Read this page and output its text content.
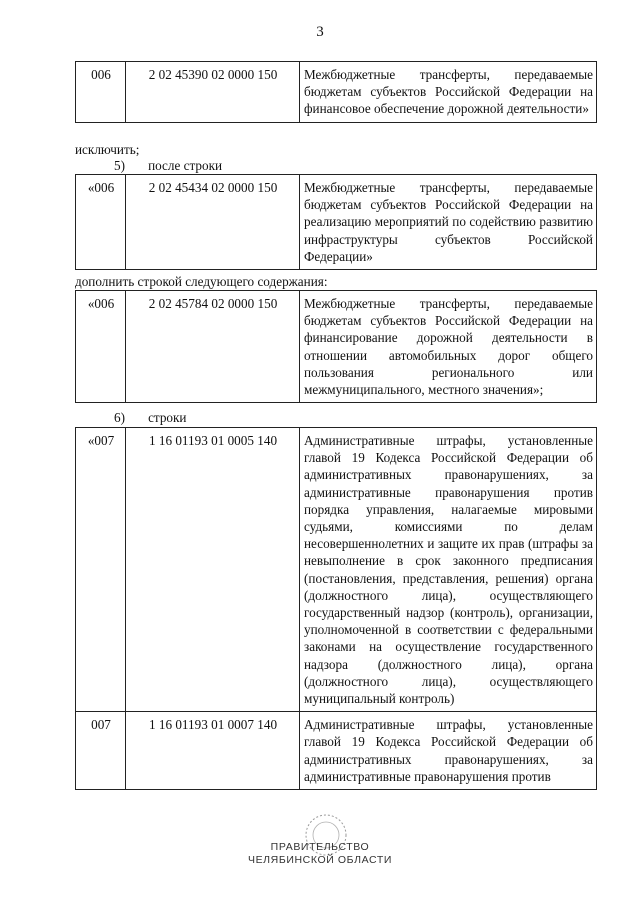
3
006	2 02 45390 02 0000 150	Межбюджетные трансферты, передаваемые бюджетам субъектов Российской Федерации на финансовое обеспечение дорожной деятельности»
исключить;
5)       после строки
«006	2 02 45434 02 0000 150	Межбюджетные трансферты, передаваемые бюджетам субъектов Российской Федерации на реализацию мероприятий по содействию развитию инфраструктуры субъектов Российской Федерации»
дополнить строкой следующего содержания:
«006	2 02 45784 02 0000 150	Межбюджетные трансферты, передаваемые бюджетам субъектов Российской Федерации на финансирование дорожной деятельности в отношении автомобильных дорог общего пользования регионального или межмуниципального, местного значения»;
6)       строки
«007	1 16 01193 01 0005 140	Административные штрафы, установленные главой 19 Кодекса Российской Федерации об административных правонарушениях, за административные правонарушения против порядка управления, налагаемые мировыми судьями, комиссиями по делам несовершеннолетних и защите их прав (штрафы за невыполнение в срок законного предписания (постановления, представления, решения) органа (должностного лица), осуществляющего государственный надзор (контроль), организации, уполномоченной в соответствии с федеральными законами на осуществление государственного надзора (должностного лица), органа (должностного лица), осуществляющего муниципальный контроль)
007	1 16 01193 01 0007 140	Административные штрафы, установленные главой 19 Кодекса Российской Федерации об административных правонарушениях, за административные правонарушения против
ПРАВИТЕЛЬСТВО
ЧЕЛЯБИНСКОЙ ОБЛАСТИ
